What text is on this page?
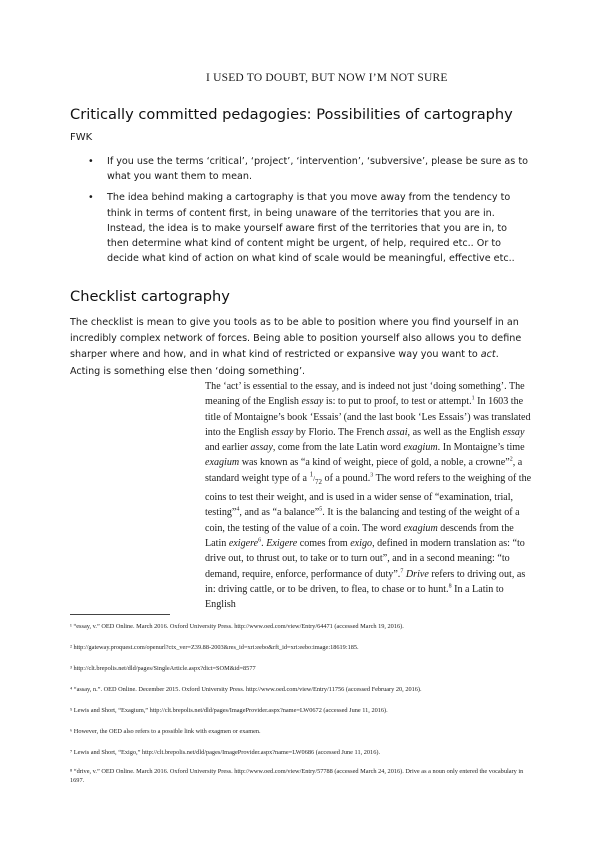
I USED TO DOUBT, BUT NOW I’M NOT SURE
Critically committed pedagogies: Possibilities of cartography
FWK
• If you use the terms ‘critical’, ‘project’, ‘intervention’, ‘subversive’, please be sure as to what you want them to mean.
• The idea behind making a cartography is that you move away from the tendency to think in terms of content first, in being unaware of the territories that you are in. Instead, the idea is to make yourself aware first of the territories that you are in, to then determine what kind of content might be urgent, of help, required etc.. Or to decide what kind of action on what kind of scale would be meaningful, effective etc..
Checklist cartography

The checklist is mean to give you tools as to be able to position where you find yourself in an incredibly complex network of forces. Being able to position yourself also allows you to define sharper where and how, and in what kind of restricted or expansive way you want to act. Acting is something else then ‘doing something’.

The ‘act’ is essential to the essay, and is indeed not just ‘doing something’. The meaning of the English essay is: to put to proof, to test or attempt.$^1$ In 1603 the title of Montaigne’s book ‘Essais’ (and the last book ‘Les Essais’) was translated into the English essay by Florio. The French assai, as well as the English essay and earlier assay, come from the late Latin word exagium. In Montaigne’s time exagium was known as “a kind of weight, piece of gold, a noble, a crowne”$^2$, a standard weight type of a $^1/_{72}$ of a pound.$^3$ The word refers to the weighing of the coins to test their weight, and is used in a wider sense of “examination, trial, testing”$^4$, and as “a balance”$^5$. It is the balancing and testing of the weight of a coin, the testing of the value of a coin. The word exagium descends from the Latin exigere$^6$. Exigere comes from exigo, defined in modern translation as: “to drive out, to thrust out, to take or to turn out”, and in a second meaning: “to demand, require, enforce, performance of duty”.$^7$ Drive refers to driving out, as in: driving cattle, or to be driven, to flea, to chase or to hunt.$^8$ In a Latin to English

¹ “essay, v.” OED Online. March 2016. Oxford University Press. http://www.oed.com/view/Entry/64471 (accessed March 19, 2016).
² http://gateway.proquest.com/openurl?ctx_ver=Z39.88-2003&res_id=xri:eebo&rft_id=xri:eebo:image:18619:185.
³ http://clt.brepolis.net/dld/pages/SingleArticle.aspx?dict=SOM&id=8577
⁴ “assay, n.”. OED Online. December 2015. Oxford University Press. http://www.oed.com/view/Entry/11756 (accessed February 20, 2016).
⁵ Lewis and Short, “Exagium,” http://clt.brepolis.net/dld/pages/ImageProvider.aspx?name=LW0672 (accessed June 11, 2016).
⁶ However, the OED also refers to a possible link with exagmen or examen.
⁷ Lewis and Short, “Exigo,” http://clt.brepolis.net/dld/pages/ImageProvider.aspx?name=LW0686 (accessed June 11, 2016).
⁸ “drive, v.” OED Online. March 2016. Oxford University Press. http://www.oed.com/view/Entry/57788 (accessed March 24, 2016). Drive as a noun only entered the vocabulary in 1697.
